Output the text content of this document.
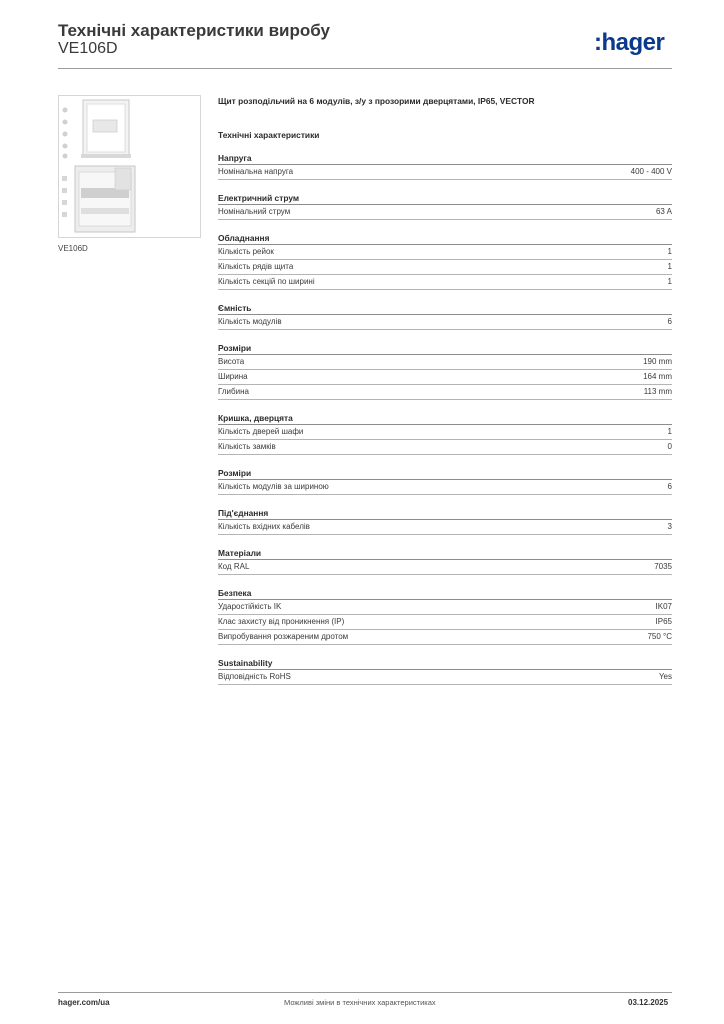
Технічні характеристики виробу
VE106D	:hager
VE106D
Щит розподільчий на 6 модулів, з/у з прозорими дверцятами, IP65, VECTOR
Технічні характеристики
Напруга
Номінальна напруга	400 - 400 V
Електричний струм
Номінальний струм	63 A
Обладнання
Кількість рейок	1
Кількість рядів щита	1
Кількість секцій по ширині	1
Ємність
Кількість модулів	6
Розміри
Висота	190 mm
Ширина	164 mm
Глибина	113 mm
Кришка, дверцята
Кількість дверей шафи	1
Кількість замків	0
Розміри
Кількість модулів за шириною	6
Під'єднання
Кількість вхідних кабелів	3
Матеріали
Код RAL	7035
Безпека
Ударостійкість IK	IK07
Клас захисту від проникнення (IP)	IP65
Випробування розжареним дротом	750 °C
Sustainability
Відповідність RoHS	Yes
hager.com/ua	Можливі зміни в технічних характеристиках	03.12.2025
